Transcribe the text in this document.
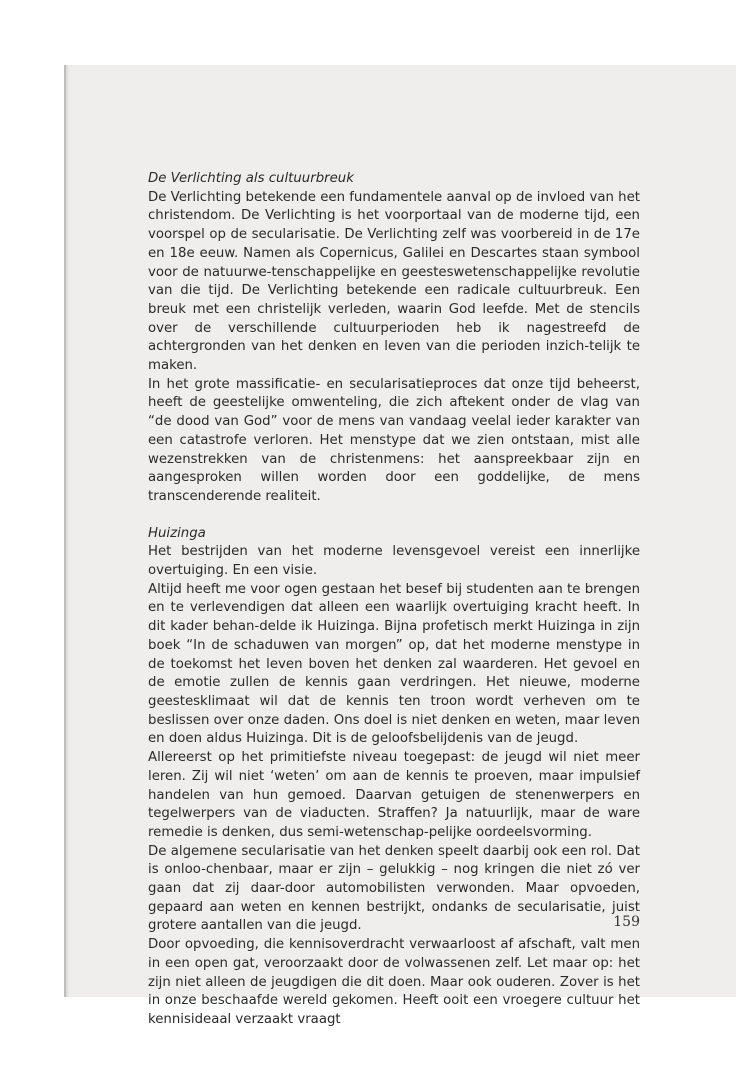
De Verlichting als cultuurbreuk

De Verlichting betekende een fundamentele aanval op de invloed van het christendom. De Verlichting is het voorportaal van de moderne tijd, een voorspel op de secularisatie. De Verlichting zelf was voorbereid in de 17e en 18e eeuw. Namen als Copernicus, Galilei en Descartes staan symbool voor de natuurwe-tenschappelijke en geesteswetenschappelijke revolutie van die tijd. De Verlichting betekende een radicale cultuurbreuk. Een breuk met een christelijk verleden, waarin God leefde. Met de stencils over de verschillende cultuurperioden heb ik nagestreefd de achtergronden van het denken en leven van die perioden inzich-telijk te maken.

In het grote massificatie- en secularisatieproces dat onze tijd beheerst, heeft de geestelijke omwenteling, die zich aftekent onder de vlag van “de dood van God” voor de mens van vandaag veelal ieder karakter van een catastrofe verloren. Het menstype dat we zien ontstaan, mist alle wezenstrekken van de christenmens: het aanspreekbaar zijn en aangesproken willen worden door een goddelijke, de mens transcenderende realiteit.

Huizinga

Het bestrijden van het moderne levensgevoel vereist een innerlijke overtuiging. En een visie.

Altijd heeft me voor ogen gestaan het besef bij studenten aan te brengen en te verlevendigen dat alleen een waarlijk overtuiging kracht heeft. In dit kader behan-delde ik Huizinga. Bijna profetisch merkt Huizinga in zijn boek “In de schaduwen van morgen” op, dat het moderne menstype in de toekomst het leven boven het denken zal waarderen. Het gevoel en de emotie zullen de kennis gaan verdringen. Het nieuwe, moderne geestesklimaat wil dat de kennis ten troon wordt verheven om te beslissen over onze daden. Ons doel is niet denken en weten, maar leven en doen aldus Huizinga. Dit is de geloofsbelijdenis van de jeugd.

Allereerst op het primitiefste niveau toegepast: de jeugd wil niet meer leren. Zij wil niet ‘weten’ om aan de kennis te proeven, maar impulsief handelen van hun gemoed. Daarvan getuigen de stenenwerpers en tegelwerpers van de viaducten. Straffen? Ja natuurlijk, maar de ware remedie is denken, dus semi-wetenschap-pelijke oordeelsvorming.

De algemene secularisatie van het denken speelt daarbij ook een rol. Dat is onloo-chenbaar, maar er zijn – gelukkig – nog kringen die niet zó ver gaan dat zij daar-door automobilisten verwonden. Maar opvoeden, gepaard aan weten en kennen bestrijkt, ondanks de secularisatie, juist grotere aantallen van die jeugd.

Door opvoeding, die kennisoverdracht verwaarloost af afschaft, valt men in een open gat, veroorzaakt door de volwassenen zelf. Let maar op: het zijn niet alleen de jeugdigen die dit doen. Maar ook ouderen. Zover is het in onze beschaafde wereld gekomen. Heeft ooit een vroegere cultuur het kennisideaal verzaakt vraagt

159
